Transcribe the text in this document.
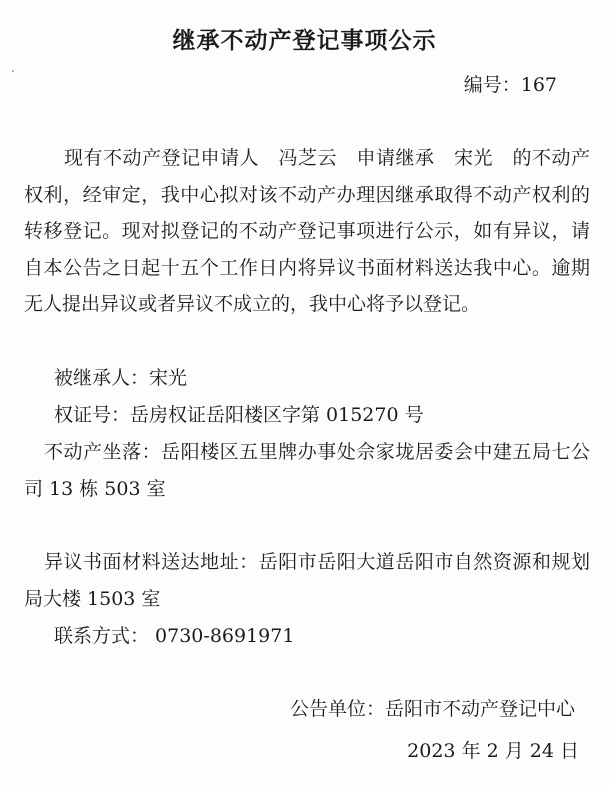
继承不动产登记事项公示
编号：167
现有不动产登记申请人　冯芝云　申请继承　宋光　的不动产权利，经审定，我中心拟对该不动产办理因继承取得不动产权利的转移登记。现对拟登记的不动产登记事项进行公示，如有异议，请自本公告之日起十五个工作日内将异议书面材料送达我中心。逾期无人提出异议或者异议不成立的，我中心将予以登记。
被继承人：宋光
权证号：岳房权证岳阳楼区字第 015270 号
不动产坐落：岳阳楼区五里牌办事处佘家垅居委会中建五局七公司 13 栋 503 室
异议书面材料送达地址：岳阳市岳阳大道岳阳市自然资源和规划局大楼 1503 室
联系方式： 0730-8691971
公告单位：岳阳市不动产登记中心
2023 年 2 月 24 日
